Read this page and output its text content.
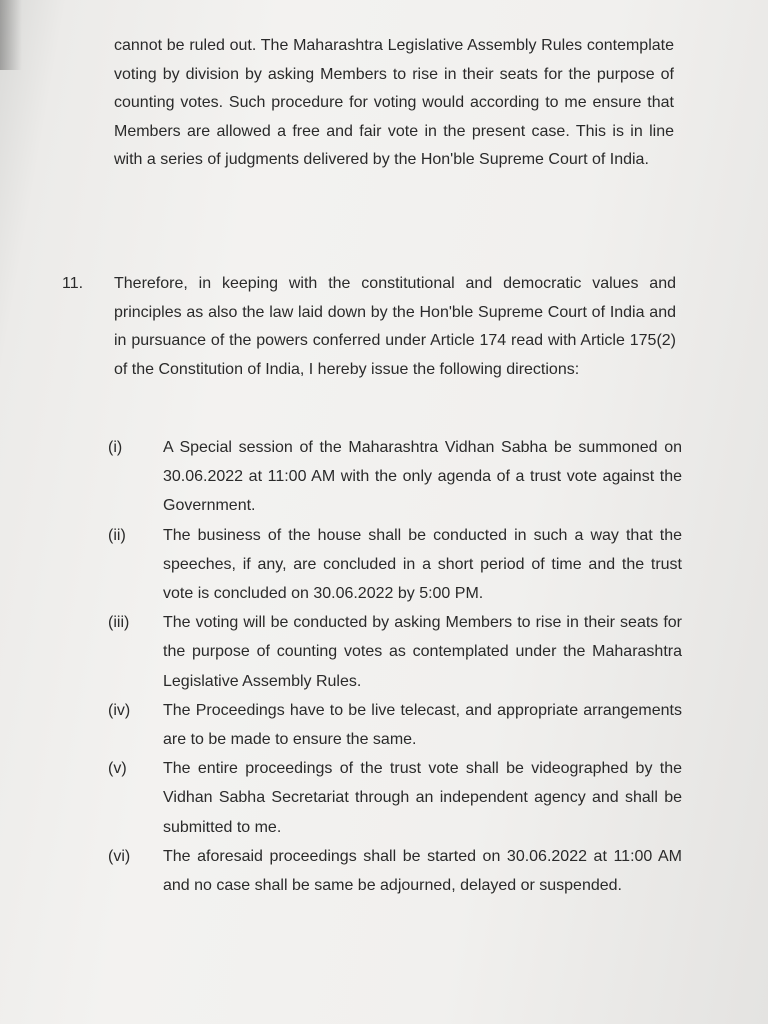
cannot be ruled out. The Maharashtra Legislative Assembly Rules contemplate voting by division by asking Members to rise in their seats for the purpose of counting votes. Such procedure for voting would according to me ensure that Members are allowed a free and fair vote in the present case. This is in line with a series of judgments delivered by the Hon'ble Supreme Court of India.
11. Therefore, in keeping with the constitutional and democratic values and principles as also the law laid down by the Hon'ble Supreme Court of India and in pursuance of the powers conferred under Article 174 read with Article 175(2) of the Constitution of India, I hereby issue the following directions:
(i)	A Special session of the Maharashtra Vidhan Sabha be summoned on 30.06.2022 at 11:00 AM with the only agenda of a trust vote against the Government.
(ii)	The business of the house shall be conducted in such a way that the speeches, if any, are concluded in a short period of time and the trust vote is concluded on 30.06.2022 by 5:00 PM.
(iii)	The voting will be conducted by asking Members to rise in their seats for the purpose of counting votes as contemplated under the Maharashtra Legislative Assembly Rules.
(iv)	The Proceedings have to be live telecast, and appropriate arrangements are to be made to ensure the same.
(v)	The entire proceedings of the trust vote shall be videographed by the Vidhan Sabha Secretariat through an independent agency and shall be submitted to me.
(vi)	The aforesaid proceedings shall be started on 30.06.2022 at 11:00 AM and no case shall be same be adjourned, delayed or suspended.
